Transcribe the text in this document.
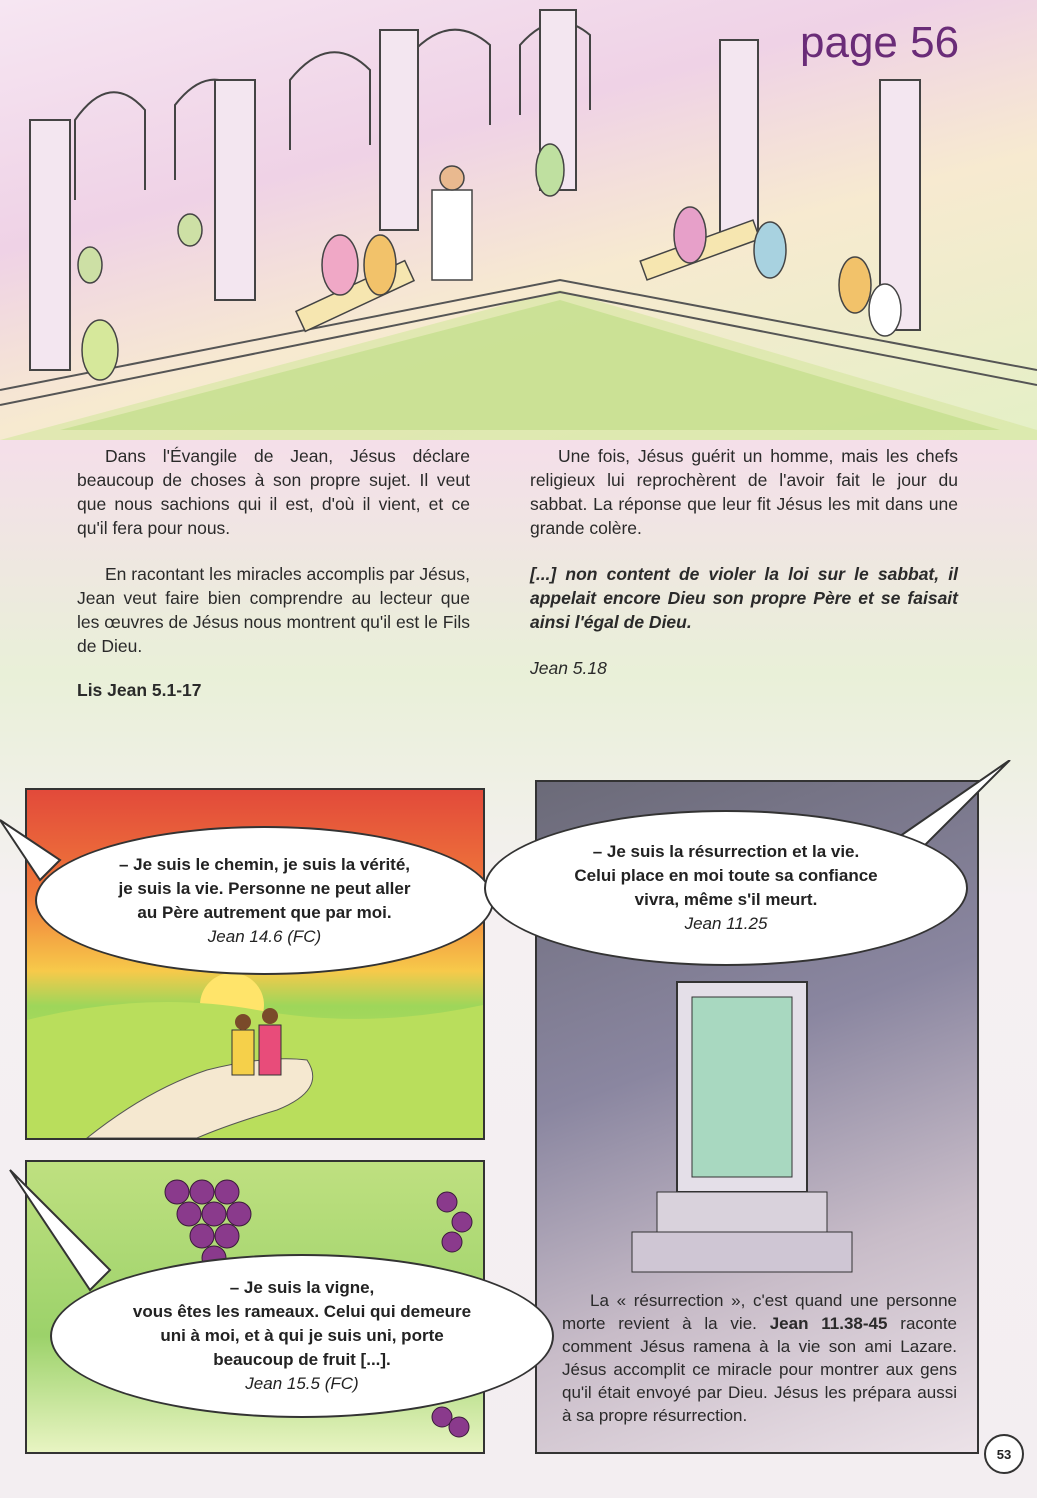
page 56

Dans l'Évangile de Jean, Jésus déclare beaucoup de choses à son propre sujet. Il veut que nous sachions qui il est, d'où il vient, et ce qu'il fera pour nous.

En racontant les miracles accomplis par Jésus, Jean veut faire bien comprendre au lecteur que les œuvres de Jésus nous montrent qu'il est le Fils de Dieu.

Lis Jean 5.1-17

Une fois, Jésus guérit un homme, mais les chefs religieux lui reprochèrent de l'avoir fait le jour du sabbat. La réponse que leur fit Jésus les mit dans une grande colère.

[...] non content de violer la loi sur le sabbat, il appelait encore Dieu son propre Père et se faisait ainsi l'égal de Dieu.

Jean 5.18

– Je suis le chemin, je suis la vérité,
je suis la vie. Personne ne peut aller
au Père autrement que par moi.
Jean 14.6 (FC)
– Je suis la résurrection et la vie.
Celui place en moi toute sa confiance
vivra, même s'il meurt.
Jean 11.25
– Je suis la vigne,
vous êtes les rameaux. Celui qui demeure
uni à moi, et à qui je suis uni, porte
beaucoup de fruit [...].
Jean 15.5 (FC)

La « résurrection », c'est quand une personne morte revient à la vie. Jean 11.38-45 raconte comment Jésus ramena à la vie son ami Lazare. Jésus accomplit ce miracle pour montrer aux gens qu'il était envoyé par Dieu. Jésus les prépara aussi à sa propre résurrection.

53
